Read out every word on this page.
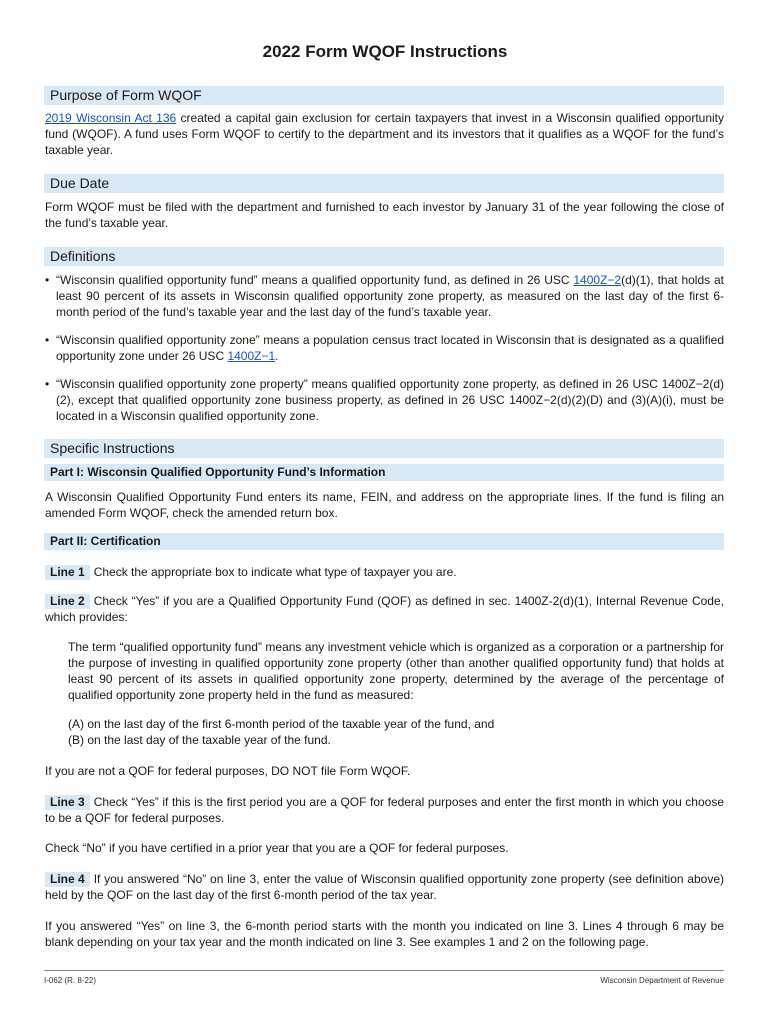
2022 Form WQOF Instructions
Purpose of Form WQOF

2019 Wisconsin Act 136 created a capital gain exclusion for certain taxpayers that invest in a Wisconsin qualified opportunity fund (WQOF). A fund uses Form WQOF to certify to the department and its investors that it qualifies as a WQOF for the fund’s taxable year.

Due Date

Form WQOF must be filed with the department and furnished to each investor by January 31 of the year following the close of the fund’s taxable year.

Definitions
• “Wisconsin qualified opportunity fund” means a qualified opportunity fund, as defined in 26 USC 1400Z−2(d)(1), that holds at least 90 percent of its assets in Wisconsin qualified opportunity zone property, as measured on the last day of the first 6-month period of the fund’s taxable year and the last day of the fund’s taxable year.
• “Wisconsin qualified opportunity zone” means a population census tract located in Wisconsin that is designated as a qualified opportunity zone under 26 USC 1400Z−1.
• “Wisconsin qualified opportunity zone property” means qualified opportunity zone property, as defined in 26 USC 1400Z−2(d)(2), except that qualified opportunity zone business property, as defined in 26 USC 1400Z−2(d)(2)(D) and (3)(A)(i), must be located in a Wisconsin qualified opportunity zone.
Specific Instructions
Part I: Wisconsin Qualified Opportunity Fund’s Information

A Wisconsin Qualified Opportunity Fund enters its name, FEIN, and address on the appropriate lines. If the fund is filing an amended Form WQOF, check the amended return box.

Part II: Certification

Line 1 Check the appropriate box to indicate what type of taxpayer you are.

Line 2 Check “Yes” if you are a Qualified Opportunity Fund (QOF) as defined in sec. 1400Z-2(d)(1), Internal Revenue Code, which provides:

The term “qualified opportunity fund” means any investment vehicle which is organized as a corporation or a partnership for the purpose of investing in qualified opportunity zone property (other than another qualified opportunity fund) that holds at least 90 percent of its assets in qualified opportunity zone property, determined by the average of the percentage of qualified opportunity zone property held in the fund as measured:
(A) on the last day of the first 6-month period of the taxable year of the fund, and
(B) on the last day of the taxable year of the fund.

If you are not a QOF for federal purposes, DO NOT file Form WQOF.

Line 3 Check “Yes” if this is the first period you are a QOF for federal purposes and enter the first month in which you choose to be a QOF for federal purposes.

Check “No” if you have certified in a prior year that you are a QOF for federal purposes.

Line 4 If you answered “No” on line 3, enter the value of Wisconsin qualified opportunity zone property (see definition above) held by the QOF on the last day of the first 6-month period of the tax year.

If you answered “Yes” on line 3, the 6-month period starts with the month you indicated on line 3. Lines 4 through 6 may be blank depending on your tax year and the month indicated on line 3. See examples 1 and 2 on the following page.

I-062 (R. 8-22)	Wisconsin Department of Revenue
